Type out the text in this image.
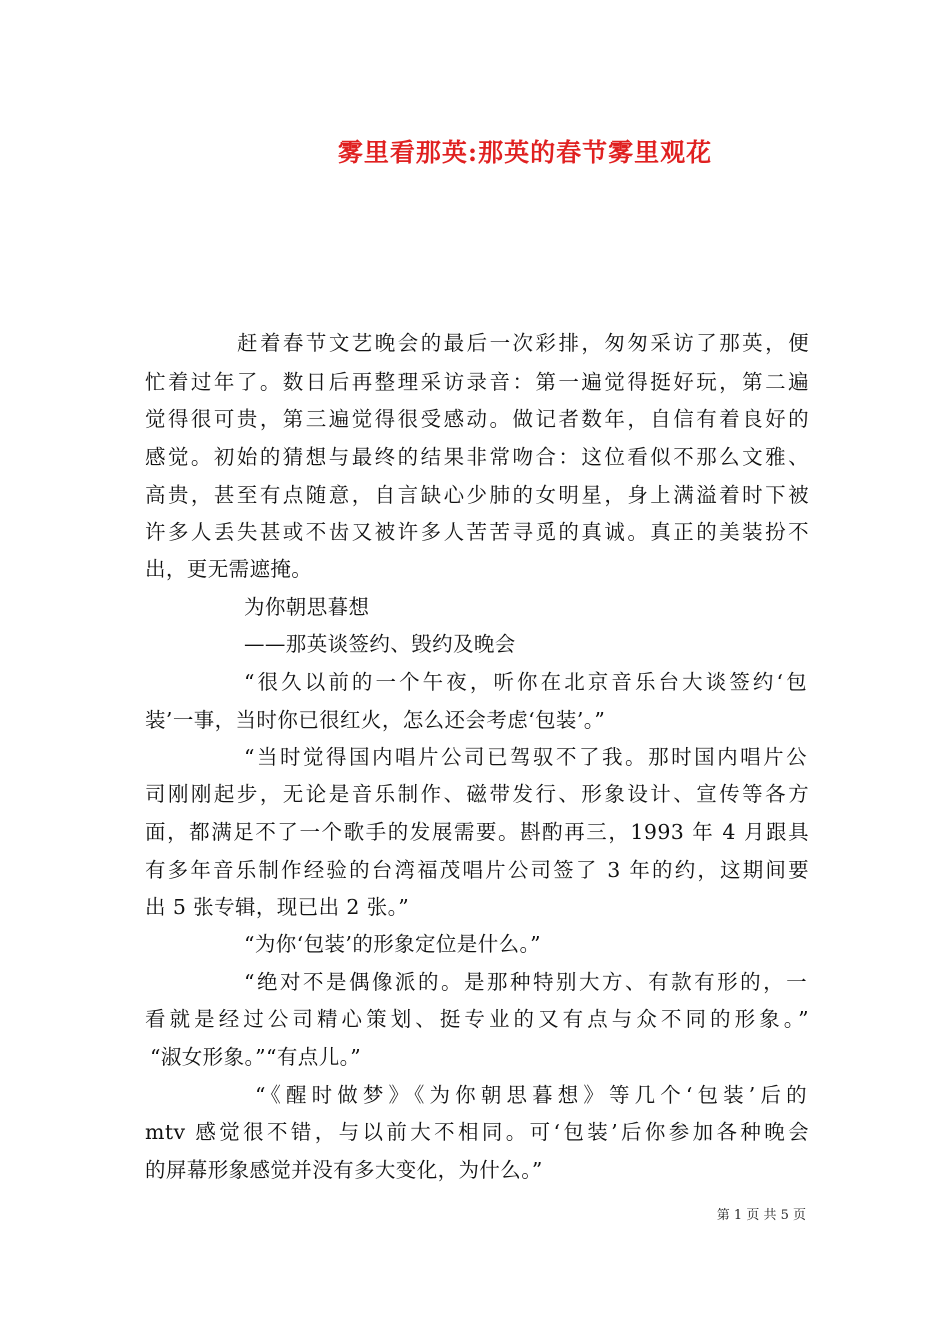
雾里看那英:那英的春节雾里观花
赶着春节文艺晚会的最后一次彩排，匆匆采访了那英，便
忙着过年了。数日后再整理采访录音：第一遍觉得挺好玩，第二遍
觉得很可贵，第三遍觉得很受感动。做记者数年，自信有着良好的
感觉。初始的猜想与最终的结果非常吻合：这位看似不那么文雅、
高贵，甚至有点随意，自言缺心少肺的女明星，身上满溢着时下被
许多人丢失甚或不齿又被许多人苦苦寻觅的真诚。真正的美装扮不
出，更无需遮掩。
为你朝思暮想
——那英谈签约、毁约及晚会
“很久以前的一个午夜，听你在北京音乐台大谈签约‘包
装’一事，当时你已很红火，怎么还会考虑‘包装’。”
“当时觉得国内唱片公司已驾驭不了我。那时国内唱片公
司刚刚起步，无论是音乐制作、磁带发行、形象设计、宣传等各方
面，都满足不了一个歌手的发展需要。斟酌再三，1993 年 4 月跟具
有多年音乐制作经验的台湾福茂唱片公司签了 3 年的约，这期间要
出 5 张专辑，现已出 2 张。”
“为你‘包装’的形象定位是什么。”
“绝对不是偶像派的。是那种特别大方、有款有形的，一
看就是经过公司精心策划、挺专业的又有点与众不同的形象。”
“淑女形象。”“有点儿。”
“《醒时做梦》《为你朝思暮想》等几个‘包装’后的
mtv 感觉很不错，与以前大不相同。可‘包装’后你参加各种晚会
的屏幕形象感觉并没有多大变化，为什么。”
第 1 页 共 5 页
